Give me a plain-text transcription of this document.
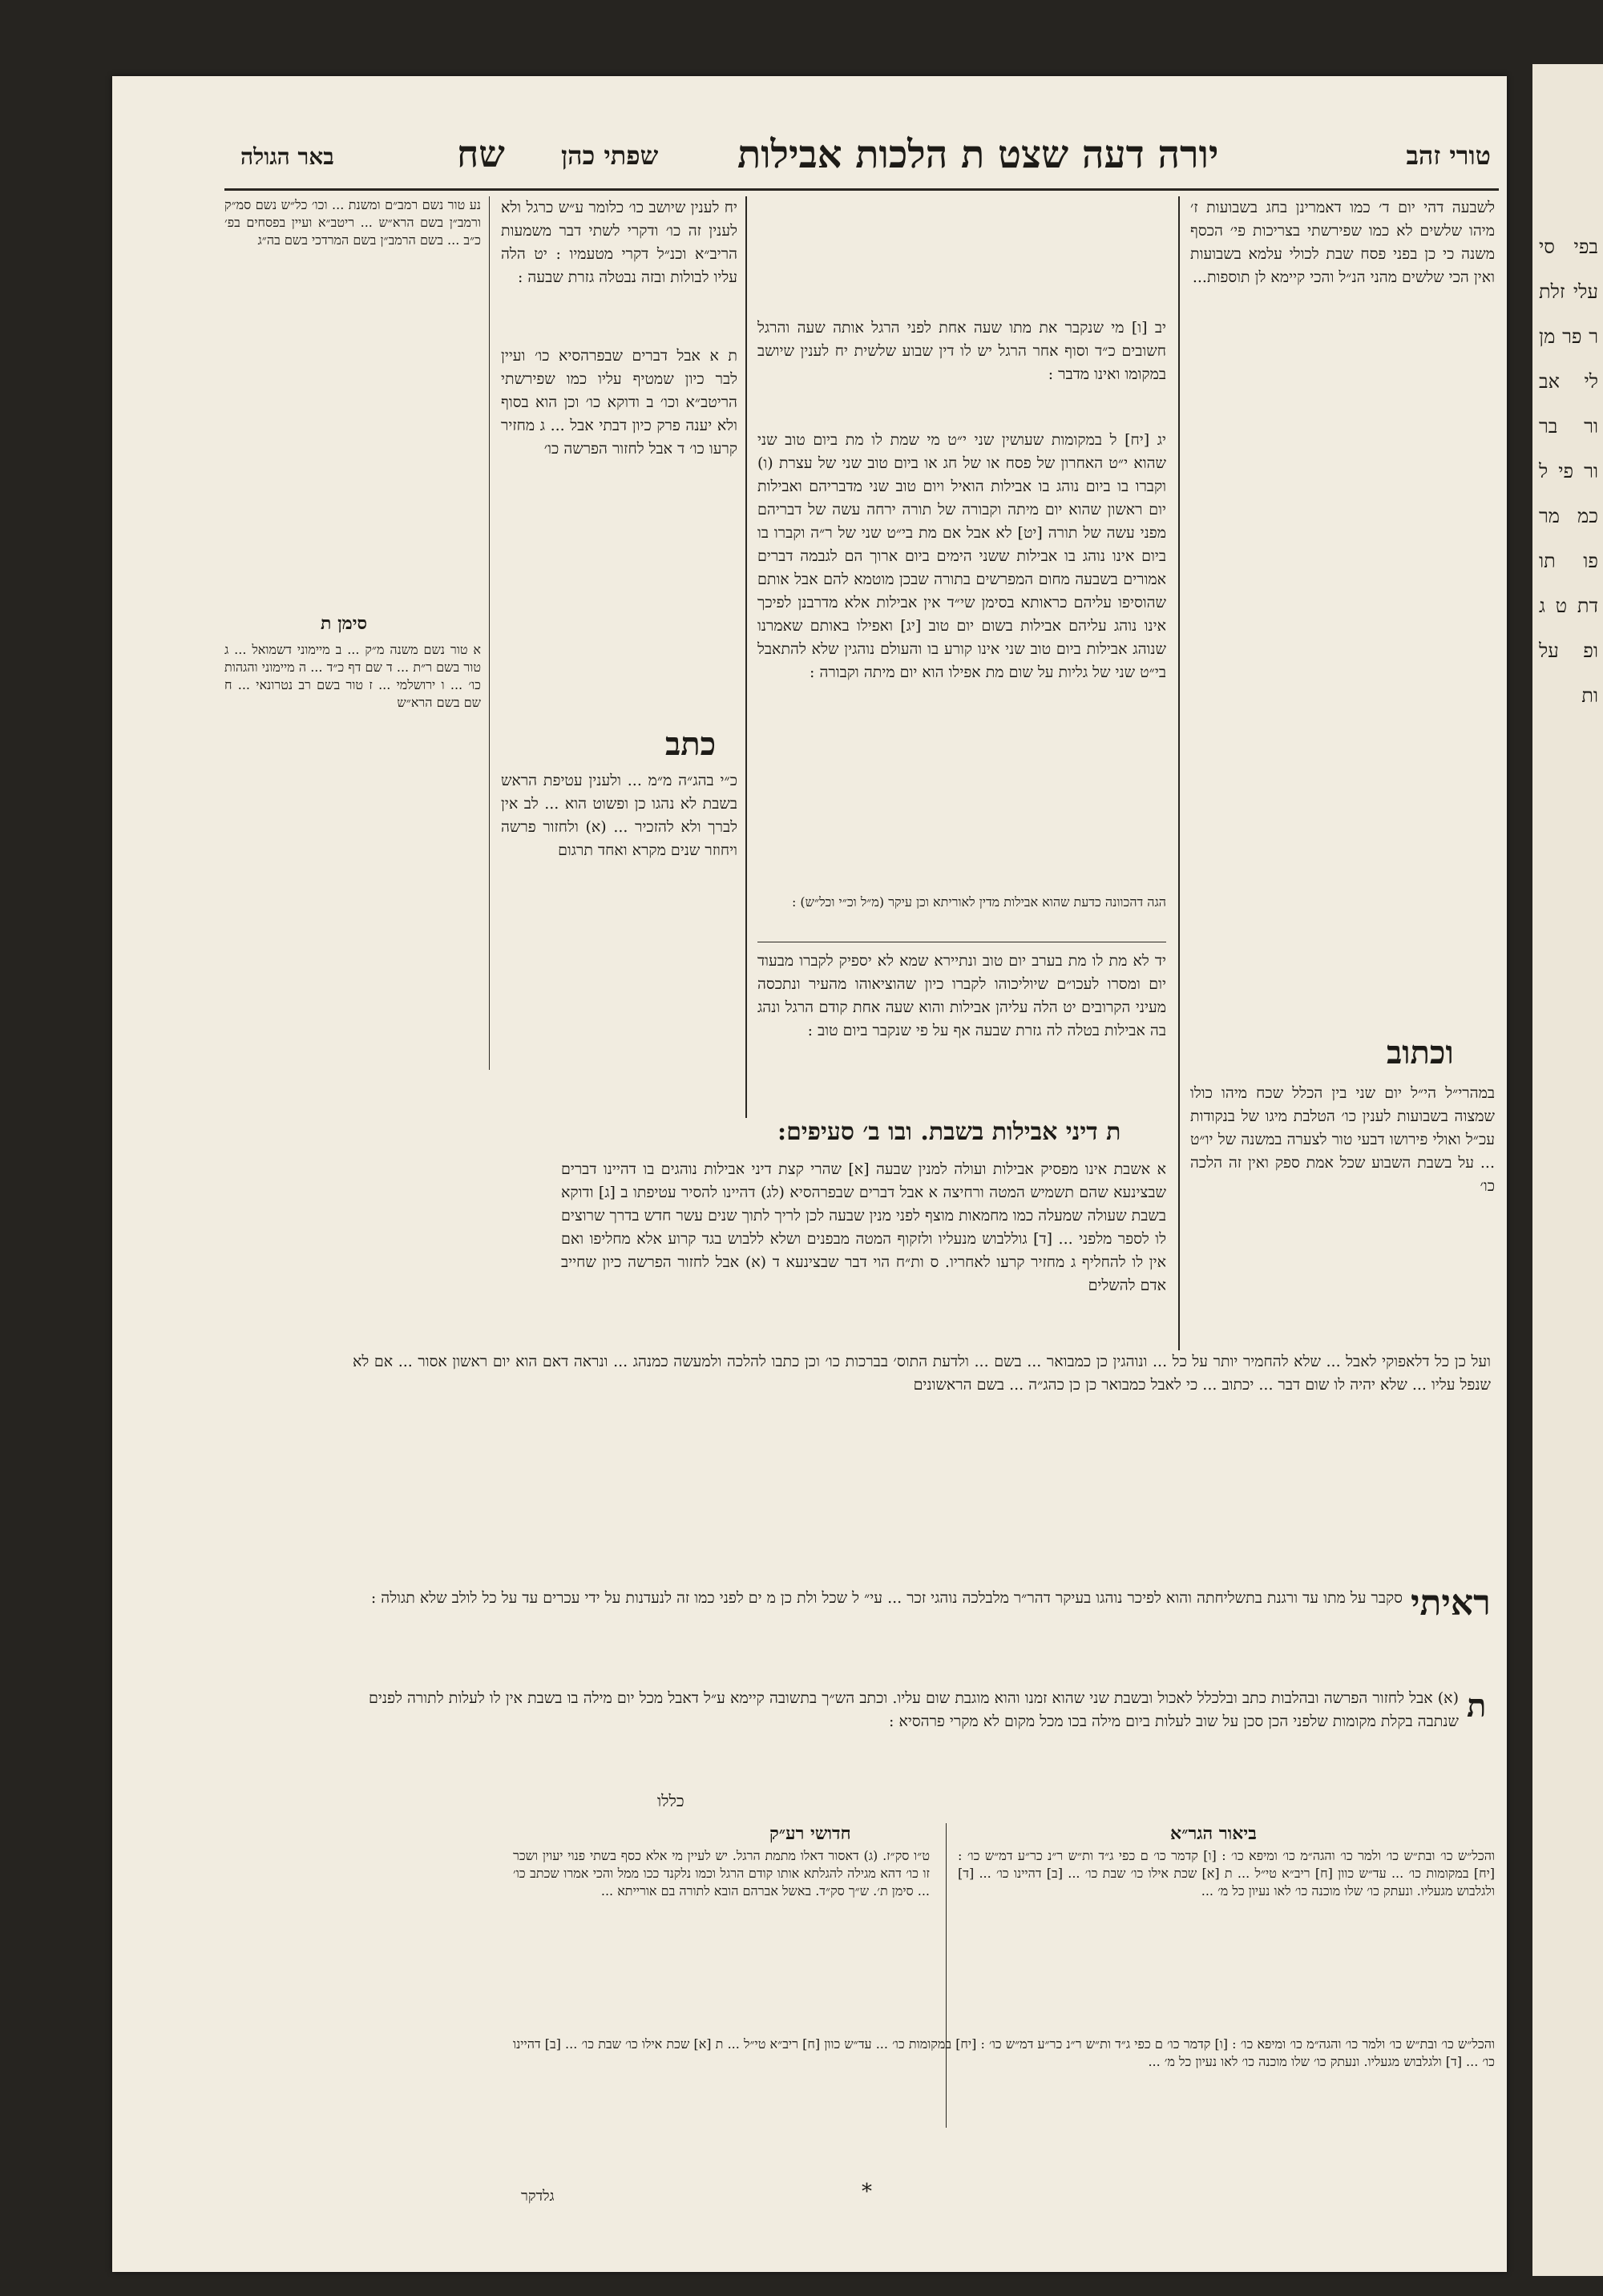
טורי זהב
יורה דעה שצט ת הלכות אבילות
שפתי כהן
שח
באר הגולה
לשבעה דהי יום ד׳ כמו דאמרינן בחג בשבועות ז׳ מיהו שלשים לא כמו שפירשתי בצריכות פי׳ הכסף משנה כי כן בפני פסח שבת לכולי עלמא בשבועות ואין הכי שלשים מהני הנ״ל והכי קיימא לן תוספות...
וכתוב
במהרי״ל הי״ל יום שני בין הכלל שכח מיהו כולו שמצוה בשבועות לענין כו׳ הטלבת מיגו של בנקודות עכ״ל ואולי פירושו דבעי טור לצערה במשנה של יו״ט ... על בשבת השבוע שכל אמת ספק ואין זה הלכה כו׳
יב [ו] מי שנקבר את מתו שעה אחת לפני הרגל אותה שעה והרגל חשובים כ״ד וסוף אחר הרגל יש לו דין שבוע שלשית יח לענין שיושב במקומו ואינו מדבר :
יג [יח] ל במקומות שעושין שני י״ט מי שמת לו מת ביום טוב שני שהוא י״ט האחרון של פסח או של חג או ביום טוב שני של עצרת (ו) וקברו בו ביום נוהג בו אבילות הואיל ויום טוב שני מדבריהם ואבילות יום ראשון שהוא יום מיתה וקבורה של תורה ירחה עשה של דבריהם מפני עשה של תורה [יט] לא אבל אם מת בי״ט שני של ר״ה וקברו בו ביום אינו נוהג בו אבילות ששני הימים ביום ארוך הם לגבמה דברים אמורים בשבעה מחום המפרשים בתורה שבכן מוטמא להם אבל אותם שהוסיפו עליהם כראותא בסימן שי״ד אין אבילות אלא מדרבנן לפיכך אינו נוהג עליהם אבילות בשום יום טוב [יג] ואפילו באותם שאמרנו שנוהג אבילות ביום טוב שני אינו קורע בו והעולם נוהגין שלא להתאבל בי״ט שני של גליות על שום מת אפילו הוא יום מיתה וקבורה :
הגה דהכוונה כדעת שהוא אבילות מדין לאוריתא וכן עיקר (מ״ל וכ״י וכל״ש) :
יד לא מת לו מת בערב יום טוב ונתיירא שמא לא יספיק לקברו מבעוד יום ומסרו לעכו״ם שיוליכוהו לקברו כיון שהוציאוהו מהעיר ונתכסה מעיני הקרובים יט הלה עליהן אבילות והוא שעה אחת קודם הרגל ונהג בה אבילות בטלה לה גזרת שבעה אף על פי שנקבר ביום טוב :
ת דיני אבילות בשבת. ובו ב׳ סעיפים:
א אשבת אינו מפסיק אבילות ועולה למנין שבעה [א] שהרי קצת דיני אבילות נוהגים בו דהיינו דברים שבצינעא שהם תשמיש המטה ורחיצה א אבל דברים שבפרהסיא (לג) דהיינו להסיר עטיפתו ב [ג] ודוקא בשבת שעולה שמעלה כמו מחמאות מוצף לפני מנין שבעה לכן לריך לתוך שנים עשר חדש בדרך שרוצים לו לספר מלפני ... [ד] גוללבוש מנעליו ולזקוף המטה מבפנים ושלא ללבוש בגד קרוע אלא מחליפו ואם אין לו להחליף ג מחזיר קרעו לאחריו. ס ות״ח הוי דבר שבצינעא ד (א) אבל לחזור הפרשה כיון שחייב אדם להשלים
יח לענין שיושב כו׳ כלומר ע״ש כרגל ולא לענין זה כו׳ ודקרי לשתי דבר משמעות הריב״א וכנ״ל דקרי מטעמיו : יט הלה עליו לבולות ובזה נבטלה גזרת שבעה :
ת א אבל דברים שבפרהסיא כו׳ ועיין לבר כיון שמטיף עליו כמו שפירשתי הריטב״א וכו׳ ב ודוקא כו׳ וכן הוא בסוף ולא יענה פרק כיון דבתי אבל ... ג מחזיר קרעו כו׳ ד אבל לחזור הפרשה כו׳
כתב
כ״י בהג״ה מ״מ ... ולענין עטיפת הראש בשבת לא נהגו כן ופשוט הוא ... לב אין לברך ולא להזכיר ... (א) ולחזור פרשה ויחוזר שנים מקרא ואחד תרגום
נע טור נשם רמב״ם ומשנת ... וכו׳ כל״ש נשם סמ״ק ורמב״ן בשם הרא״ש ... ריטב״א ועיין בפסחים בפ׳ כ״ב ... בשם הרמב״ן בשם המרדכי בשם בה״ג
סימן ת
א טור נשם משנה מ״ק ... ב מיימוני דשמואל ... ג טור בשם ר״ת ... ד שם דף כ״ד ... ה מיימוני והגהות כו׳ ... ו ירושלמי ... ז טור בשם רב נטרונאי ... ח שם בשם הרא״ש
ועל כן כל דלאפוקי לאבל ... שלא להחמיר יותר על כל ... ונוהגין כן כמבואר ... בשם ... ולדעת התוס׳ בברכות כו׳ וכן כתבו להלכה ולמעשה כמנהג ... ונראה דאם הוא יום ראשון אסור ... אם לא שנפל עליו ... שלא יהיה לו שום דבר ... יכתוב ... כי לאבל כמבואר כן כן כהג״ה ... בשם הראשונים
ראיתי
סקבר על מתו עד ורגנת בתשליחתה והוא לפיכר נוהגו בעיקר דהר״ר מלבלכה נוהגי זכר ... עי״ ל שכל ולת כן מ ים לפני כמו זה לנעדנות על ידי עכרים עד על כל לולב שלא תגולה :
ת
(א) אבל לחזור הפרשה ובהלבות כתב ובלכלל לאכול ובשבת שני שהוא זמנו והוא מוגבת שום עליו. וכתב הש״ך בתשובה קיימא ע״ל דאבל מכל יום מילה בו בשבת אין לו לעלות לתורה לפנים שנתבה בקלת מקומות שלפני הכן סכן על שוב לעלות ביום מילה בכו מכל מקום לא מקרי פרהסיא :
כללו
חדושי רע״ק
ט״ו סק״ז. (ג) דאסור דאלו מתמת הרגל. יש לעיין מי אלא כסף בשתי פנוי יעוין ושכר זו כו׳ דהא מגילה להגלתא אותו קודם הרגל וכמו נלקנד ככו ממל והכי אמרו שכתב כו׳ ... סימן ת׳. ש״ך סק״ד. באשל אברהם הובא לתורה בם אורייתא ...
ביאור הגר״א
והכל״ש כו׳ ובת״ש כו׳ ולמר כו׳ והגה״מ כו׳ ומיפא כו׳ : [ו] קדמר כו׳ ם כפי ג״ד ות״ש ר״נ כר״ע דמ״ש כו׳ : [יח] במקומות כו׳ ... עד״ש כוון [ח] ריב״א טי״ל ... ת [א] שכת אילו כו׳ שבת כו׳ ... [ב] דהיינו כו׳ ... [ד] ולגלבוש מגעליו. ונעתק כו׳ שלו מוכנה כו׳ לאו נעיון כל מ׳ ...
והכל״ש כו׳ ובת״ש כו׳ ולמר כו׳ והגה״מ כו׳ ומיפא כו׳ : [ו] קדמר כו׳ ם כפי ג״ד ות״ש ר״נ כר״ע דמ״ש כו׳ : [יח] במקומות כו׳ ... עד״ש כוון [ח] ריב״א טי״ל ... ת [א] שכת אילו כו׳ שבת כו׳ ... [ב] דהיינו כו׳ ... [ד] ולגלבוש מגעליו. ונעתק כו׳ שלו מוכנה כו׳ לאו נעיון כל מ׳ ...
גלדקר	*
בפי סי עלי זלת ר פר מן לי אב ור בר ור פי ל כמ מר פו תו דת ט ג ופ על ות
